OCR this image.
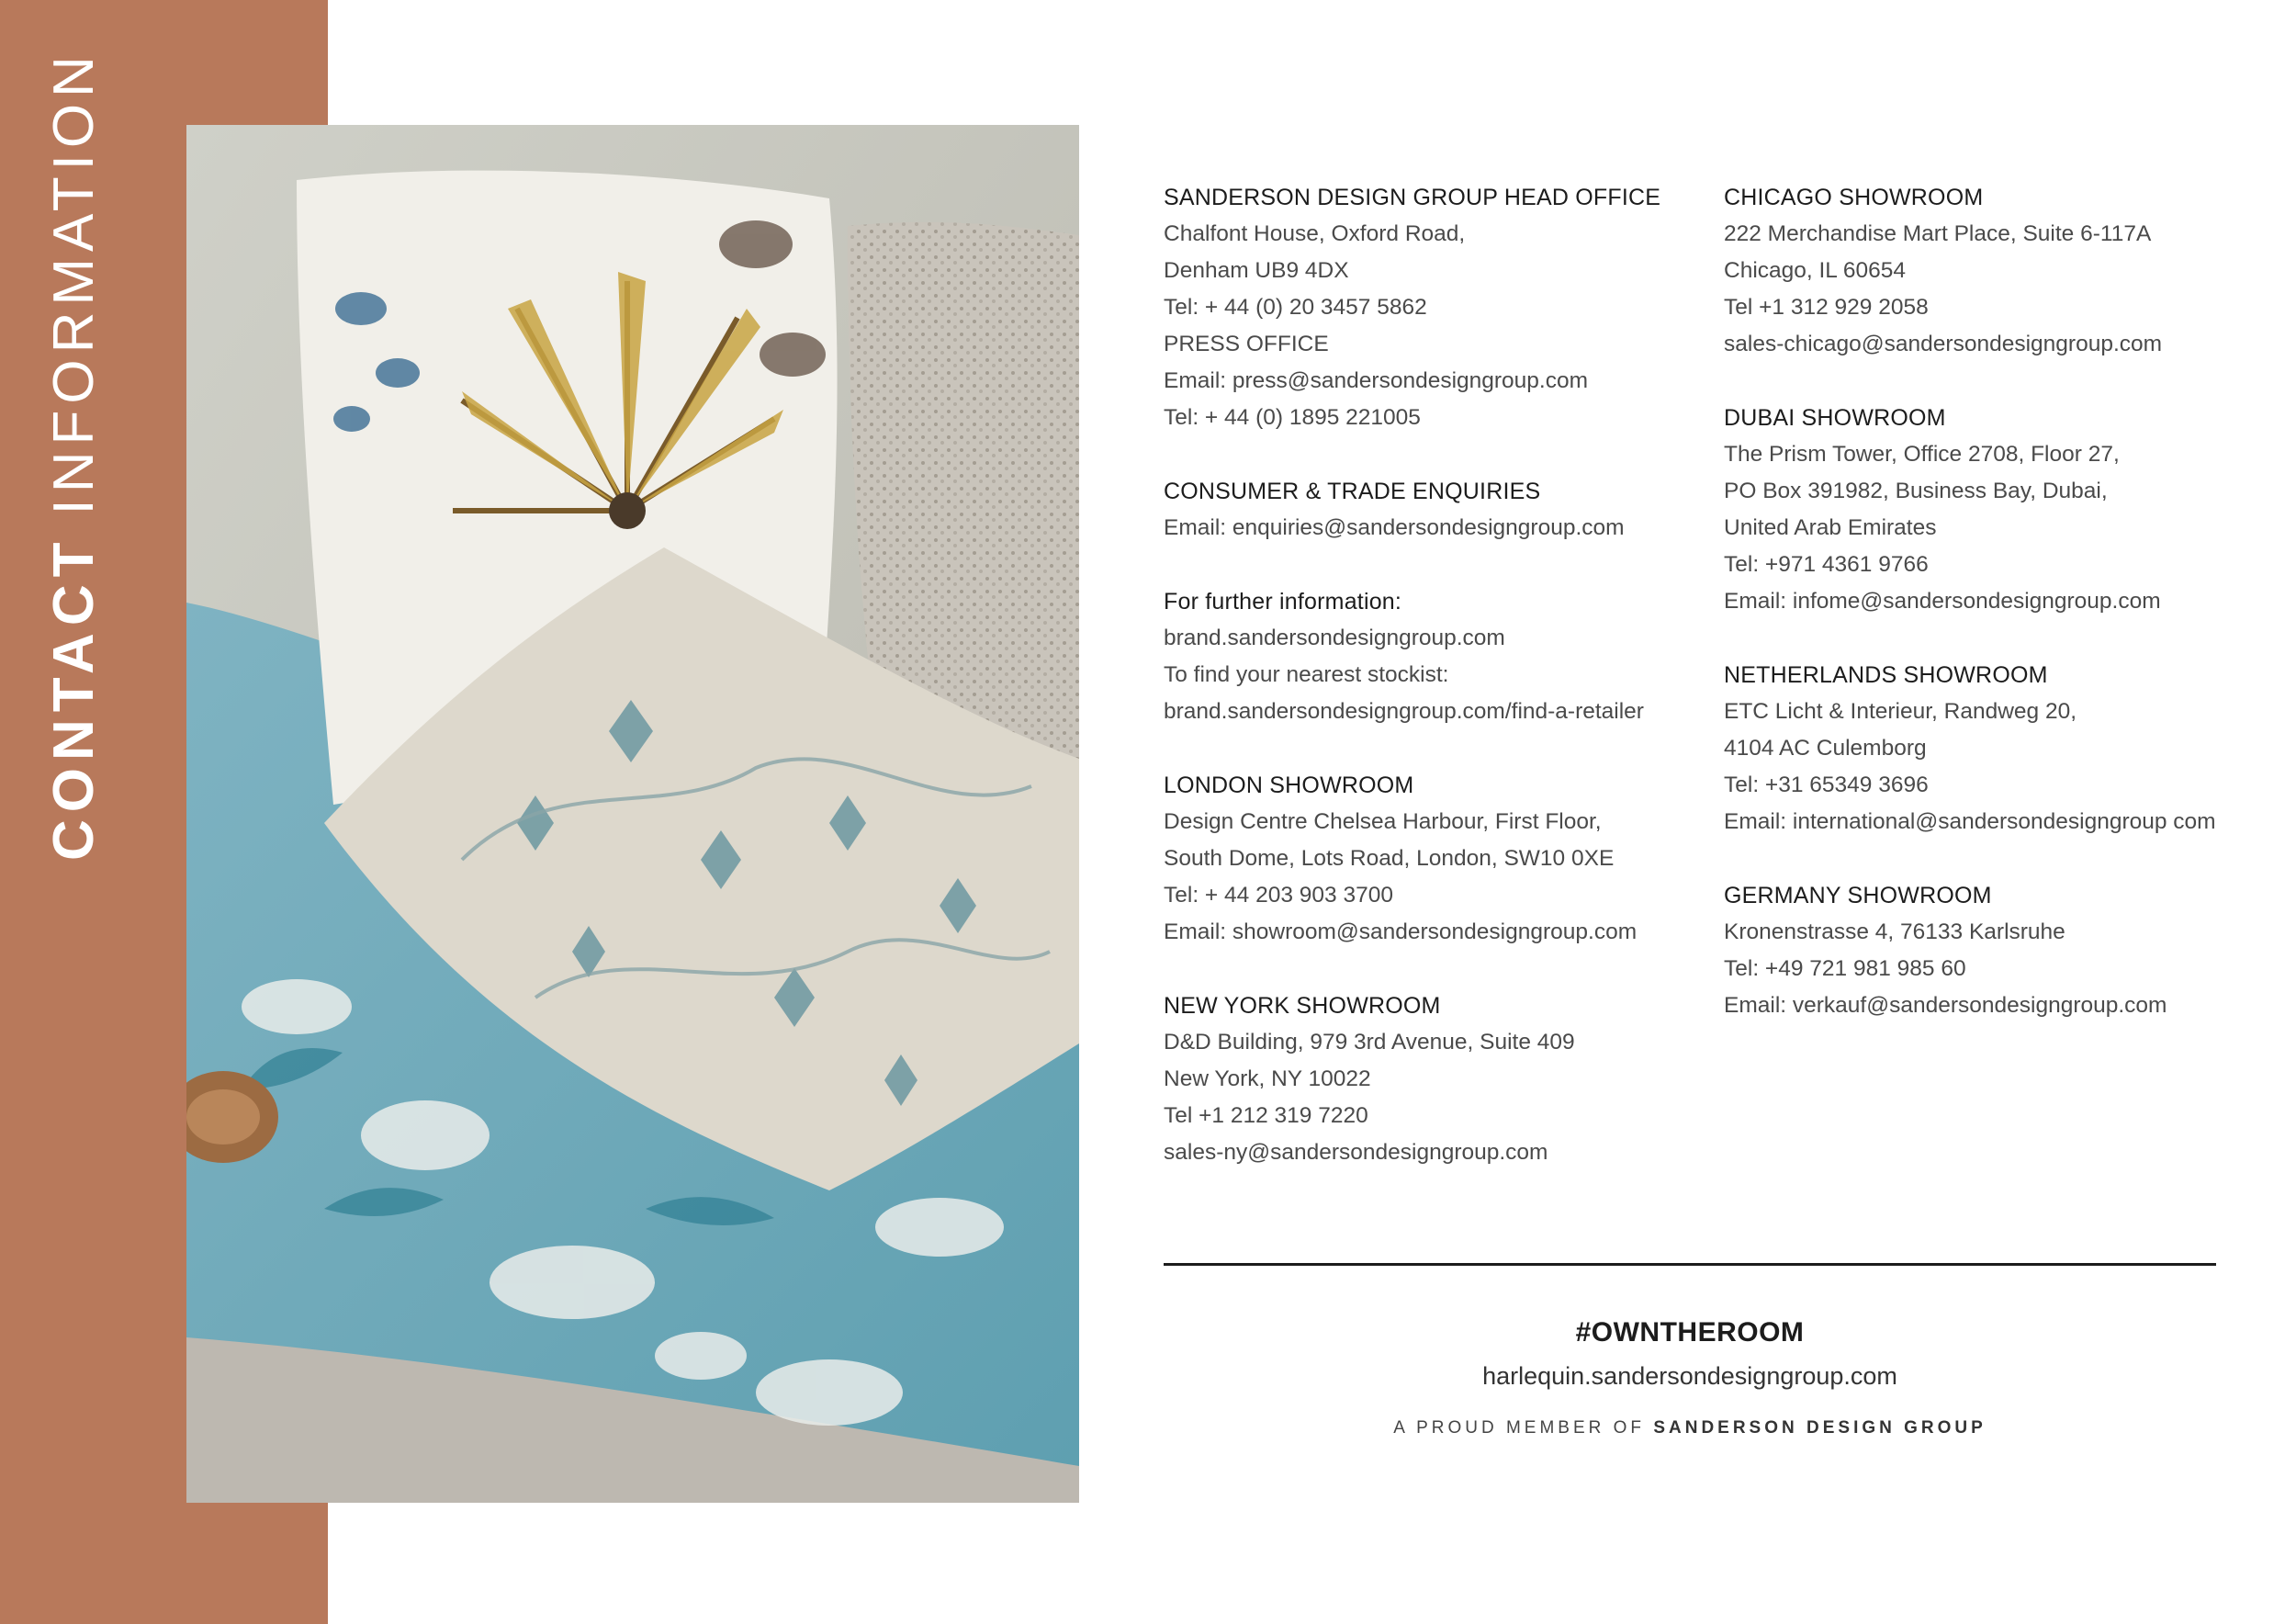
CONTACTINFORMATION	SANDERSON DESIGN GROUP HEAD OFFICE
Chalfont House, Oxford Road,
Denham UB9 4DX
Tel: + 44 (0) 20 3457 5862
PRESS OFFICE
Email: press@sandersondesigngroup.com
Tel: + 44 (0) 1895 221005
CONSUMER & TRADE ENQUIRIES
Email: enquiries@sandersondesigngroup.com
For further information:
brand.sandersondesigngroup.com
To find your nearest stockist:
brand.sandersondesigngroup.com/find-a-retailer
LONDON SHOWROOM
Design Centre Chelsea Harbour, First Floor,
South Dome, Lots Road, London, SW10 0XE
Tel: + 44 203 903 3700
Email: showroom@sandersondesigngroup.com
NEW YORK SHOWROOM
D&D Building, 979 3rd Avenue, Suite 409
New York, NY 10022
Tel +1 212 319 7220
sales-ny@sandersondesigngroup.com
CHICAGO SHOWROOM
222 Merchandise Mart Place, Suite 6-117A
Chicago, IL 60654
Tel +1 312 929 2058
sales-chicago@sandersondesigngroup.com
DUBAI SHOWROOM
The Prism Tower, Office 2708, Floor 27,
PO Box 391982, Business Bay, Dubai,
United Arab Emirates
Tel: +971 4361 9766
Email: infome@sandersondesigngroup.com
NETHERLANDS SHOWROOM
ETC Licht & Interieur, Randweg 20,
4104 AC Culemborg
Tel: +31 65349 3696
Email: international@sandersondesigngroup com
GERMANY SHOWROOM
Kronenstrasse 4, 76133 Karlsruhe
Tel: +49 721 981 985 60
Email: verkauf@sandersondesigngroup.com
#OWNTHEROOM
harlequin.sandersondesigngroup.com
A PROUD MEMBER OF SANDERSON DESIGN GROUP
